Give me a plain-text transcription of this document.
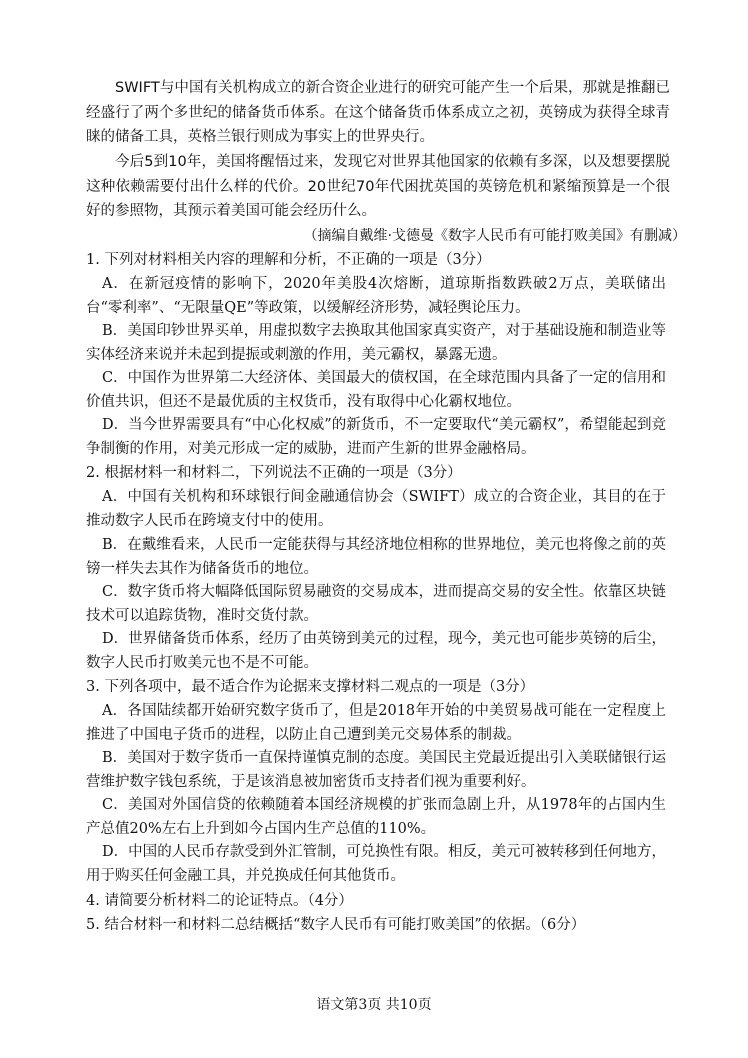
SWIFT与中国有关机构成立的新合资企业进行的研究可能产生一个后果，那就是推翻已经盛行了两个多世纪的储备货币体系。在这个储备货币体系成立之初，英镑成为获得全球青睐的储备工具，英格兰银行则成为事实上的世界央行。
今后5到10年，美国将醒悟过来，发现它对世界其他国家的依赖有多深，以及想要摆脱这种依赖需要付出什么样的代价。20世纪70年代困扰英国的英镑危机和紧缩预算是一个很好的参照物，其预示着美国可能会经历什么。
（摘编自戴维·戈德曼《数字人民币有可能打败美国》有删减）
1. 下列对材料相关内容的理解和分析，不正确的一项是（3分）
A．在新冠疫情的影响下，2020年美股4次熔断，道琼斯指数跌破2万点，美联储出台“零利率”、“无限量QE”等政策，以缓解经济形势，减轻舆论压力。
B．美国印钞世界买单，用虚拟数字去换取其他国家真实资产，对于基础设施和制造业等实体经济来说并未起到提振或刺激的作用，美元霸权，暴露无遗。
C．中国作为世界第二大经济体、美国最大的债权国，在全球范围内具备了一定的信用和价值共识，但还不是最优质的主权货币，没有取得中心化霸权地位。
D．当今世界需要具有“中心化权威”的新货币，不一定要取代“美元霸权”，希望能起到竞争制衡的作用，对美元形成一定的威胁，进而产生新的世界金融格局。
2. 根据材料一和材料二，下列说法不正确的一项是（3分）
A．中国有关机构和环球银行间金融通信协会（SWIFT）成立的合资企业，其目的在于推动数字人民币在跨境支付中的使用。
B．在戴维看来，人民币一定能获得与其经济地位相称的世界地位，美元也将像之前的英镑一样失去其作为储备货币的地位。
C．数字货币将大幅降低国际贸易融资的交易成本，进而提高交易的安全性。依靠区块链技术可以追踪货物，准时交货付款。
D．世界储备货币体系，经历了由英镑到美元的过程，现今，美元也可能步英镑的后尘，数字人民币打败美元也不是不可能。
3. 下列各项中，最不适合作为论据来支撑材料二观点的一项是（3分）
A．各国陆续都开始研究数字货币了，但是2018年开始的中美贸易战可能在一定程度上推进了中国电子货币的进程，以防止自己遭到美元交易体系的制裁。
B．美国对于数字货币一直保持谨慎克制的态度。美国民主党最近提出引入美联储银行运营维护数字钱包系统，于是该消息被加密货币支持者们视为重要利好。
C．美国对外国信贷的依赖随着本国经济规模的扩张而急剧上升，从1978年的占国内生产总值20%左右上升到如今占国内生产总值的110%。
D．中国的人民币存款受到外汇管制，可兑换性有限。相反，美元可被转移到任何地方，用于购买任何金融工具，并兑换成任何其他货币。
4. 请简要分析材料二的论证特点。（4分）
5. 结合材料一和材料二总结概括“数字人民币有可能打败美国”的依据。（6分）
语文第3页 共10页
